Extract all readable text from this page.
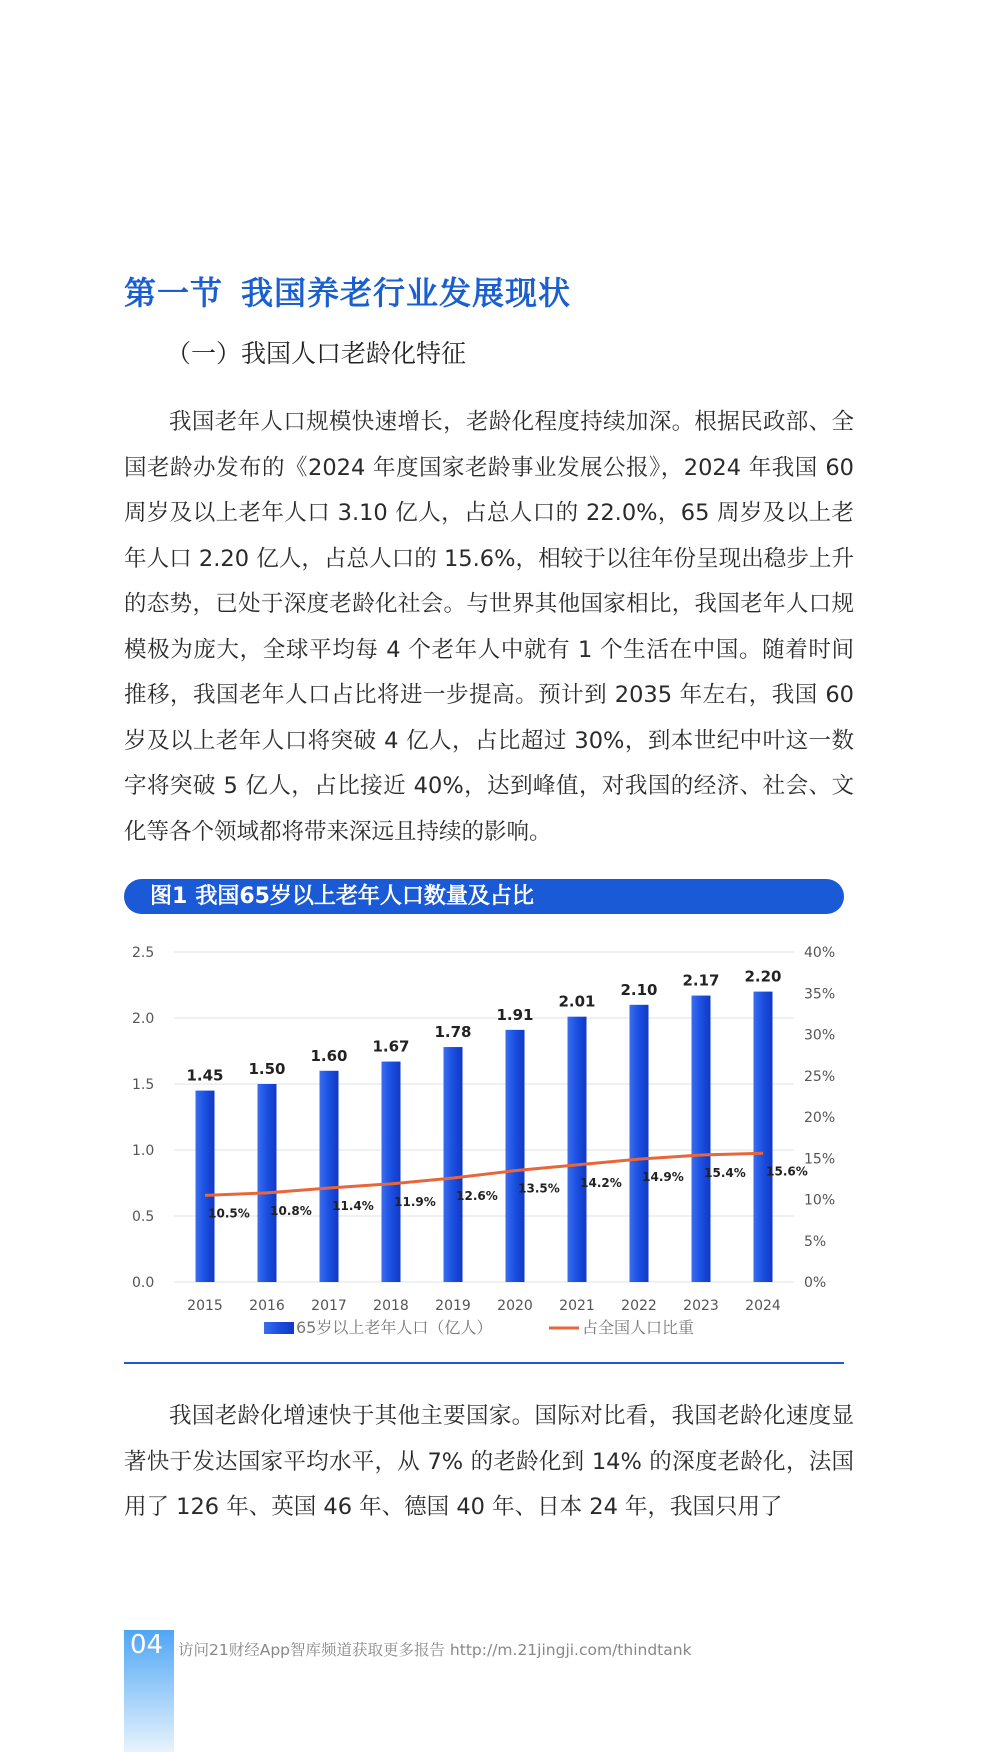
第一节 我国养老行业发展现状
（一）我国人口老龄化特征

我国老年人口规模快速增长，老龄化程度持续加深。根据民政部、全国老龄办发布的《2024 年度国家老龄事业发展公报》，2024 年我国 60 周岁及以上老年人口 3.10 亿人，占总人口的 22.0%，65 周岁及以上老年人口 2.20 亿人，占总人口的 15.6%，相较于以往年份呈现出稳步上升的态势，已处于深度老龄化社会。与世界其他国家相比，我国老年人口规模极为庞大，全球平均每 4 个老年人中就有 1 个生活在中国。随着时间推移，我国老年人口占比将进一步提高。预计到 2035 年左右，我国 60 岁及以上老年人口将突破 4 亿人，占比超过 30%，到本世纪中叶这一数字将突破 5 亿人，占比接近 40%，达到峰值，对我国的经济、社会、文化等各个领域都将带来深远且持续的影响。

图1 我国65岁以上老年人口数量及占比
0.0
0.5
1.0
1.5
2.0
2.5
0%
5%
10%
15%
20%
25%
30%
35%
40%
1.45
2015
1.50
2016
1.60
2017
1.67
2018
1.78
2019
1.91
2020
2.01
2021
2.10
2022
2.17
2023
2.20
2024
10.5% 10.8% 11.4% 11.9% 12.6%
13.5% 14.2% 14.9% 15.4% 15.6%
65岁以上老年人口（亿人）	占全国人口比重

我国老龄化增速快于其他主要国家。国际对比看，我国老龄化速度显著快于发达国家平均水平，从 7% 的老龄化到 14% 的深度老龄化，法国用了 126 年、英国 46 年、德国 40 年、日本 24 年，我国只用了

04 访问21财经App智库频道获取更多报告 http://m.21jingji.com/thindtank
